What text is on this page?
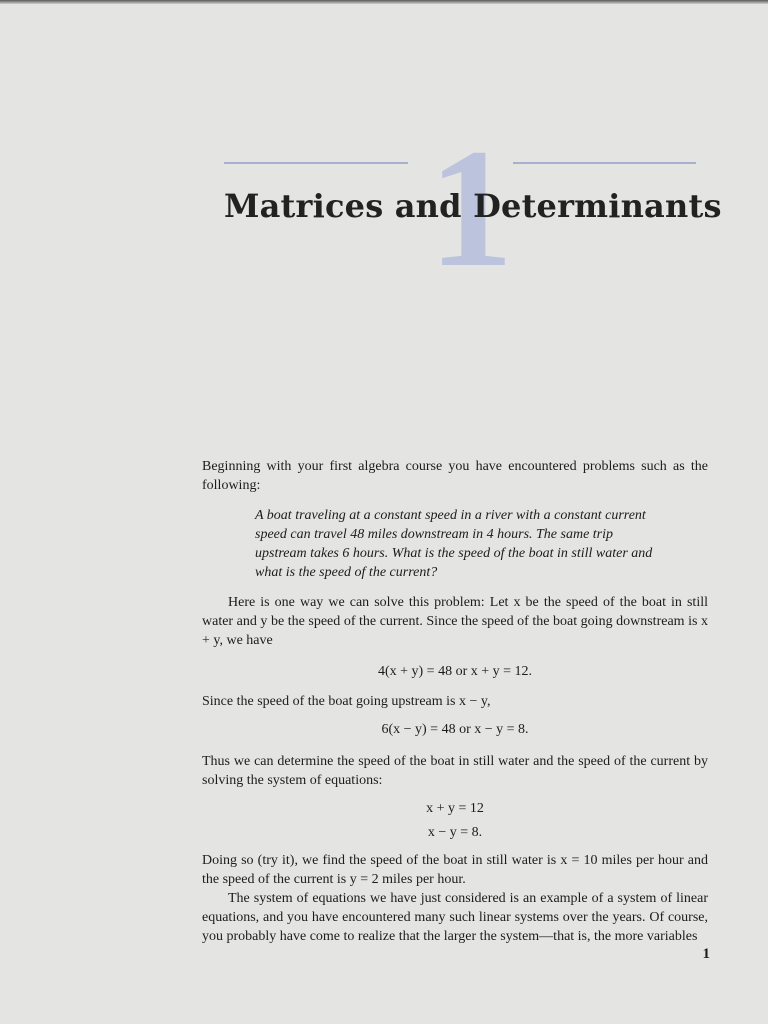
1
Matrices and Determinants
Beginning with your first algebra course you have encountered problems such as the following:
A boat traveling at a constant speed in a river with a constant current speed can travel 48 miles downstream in 4 hours. The same trip upstream takes 6 hours. What is the speed of the boat in still water and what is the speed of the current?
Here is one way we can solve this problem: Let x be the speed of the boat in still water and y be the speed of the current. Since the speed of the boat going downstream is x + y, we have
4(x + y) = 48 or x + y = 12.
Since the speed of the boat going upstream is x − y,
6(x − y) = 48 or x − y = 8.
Thus we can determine the speed of the boat in still water and the speed of the current by solving the system of equations:
x + y = 12
x − y = 8.
Doing so (try it), we find the speed of the boat in still water is x = 10 miles per hour and the speed of the current is y = 2 miles per hour.
The system of equations we have just considered is an example of a system of linear equations, and you have encountered many such linear systems over the years. Of course, you probably have come to realize that the larger the system—that is, the more variables
1
